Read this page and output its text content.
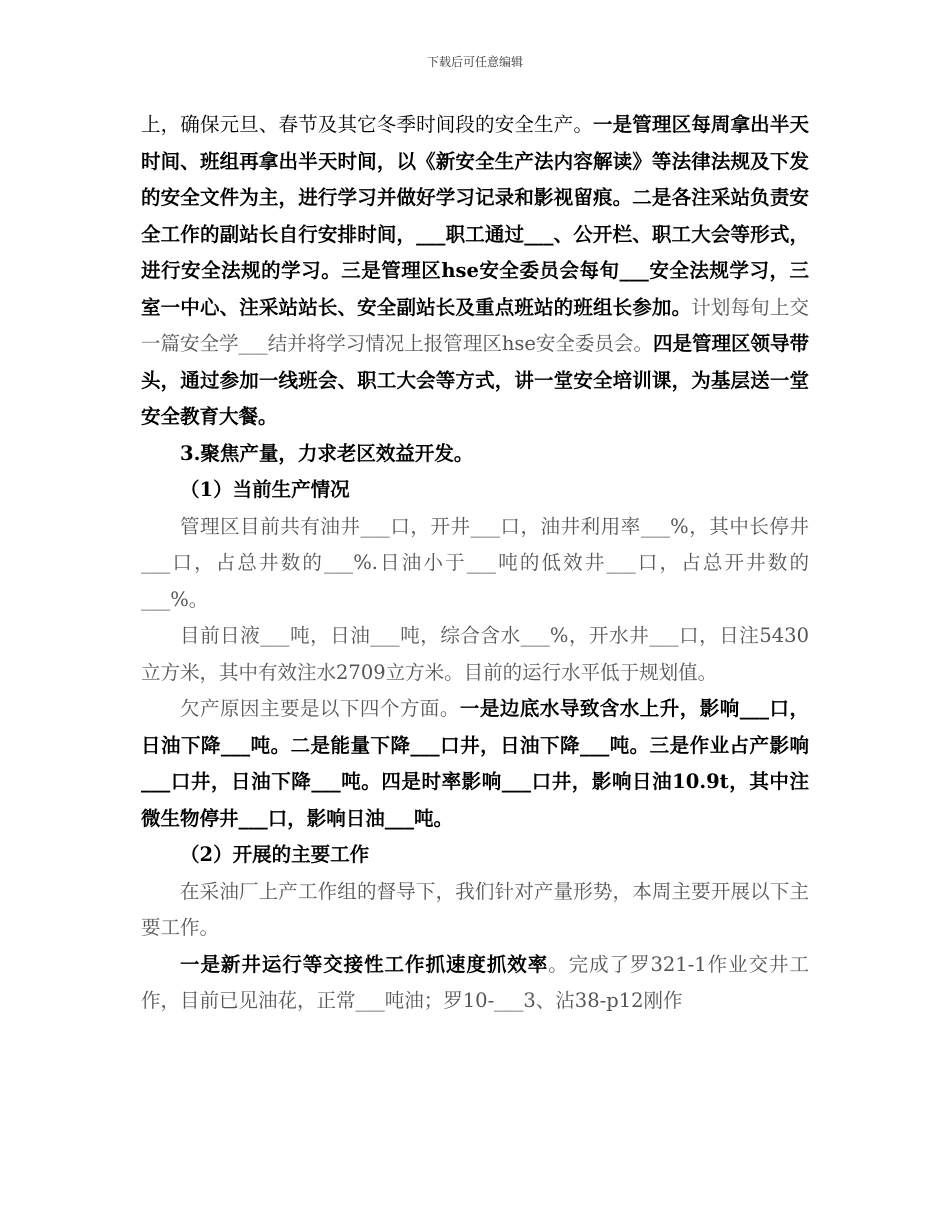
下载后可任意编辑

上，确保元旦、春节及其它冬季时间段的安全生产。一是管理区每周拿出半天时间、班组再拿出半天时间，以《新安全生产法内容解读》等法律法规及下发的安全文件为主，进行学习并做好学习记录和影视留痕。二是各注采站负责安全工作的副站长自行安排时间，___职工通过___、公开栏、职工大会等形式，进行安全法规的学习。三是管理区hse安全委员会每旬___安全法规学习，三室一中心、注采站站长、安全副站长及重点班站的班组长参加。计划每旬上交一篇安全学___结并将学习情况上报管理区hse安全委员会。四是管理区领导带头，通过参加一线班会、职工大会等方式，讲一堂安全培训课，为基层送一堂安全教育大餐。

3.聚焦产量，力求老区效益开发。

（1）当前生产情况

管理区目前共有油井___口，开井___口，油井利用率___%，其中长停井___口，占总井数的___%.日油小于___吨的低效井___口，占总开井数的___%。

目前日液___吨，日油___吨，综合含水___%，开水井___口，日注5430立方米，其中有效注水2709立方米。目前的运行水平低于规划值。

欠产原因主要是以下四个方面。一是边底水导致含水上升，影响___口，日油下降___吨。二是能量下降___口井，日油下降___吨。三是作业占产影响___口井，日油下降___吨。四是时率影响___口井，影响日油10.9t，其中注微生物停井___口，影响日油___吨。

（2）开展的主要工作

在采油厂上产工作组的督导下，我们针对产量形势，本周主要开展以下主要工作。

一是新井运行等交接性工作抓速度抓效率。完成了罗321-1作业交井工作，目前已见油花，正常___吨油；罗10-___3、沾38-p12刚作
